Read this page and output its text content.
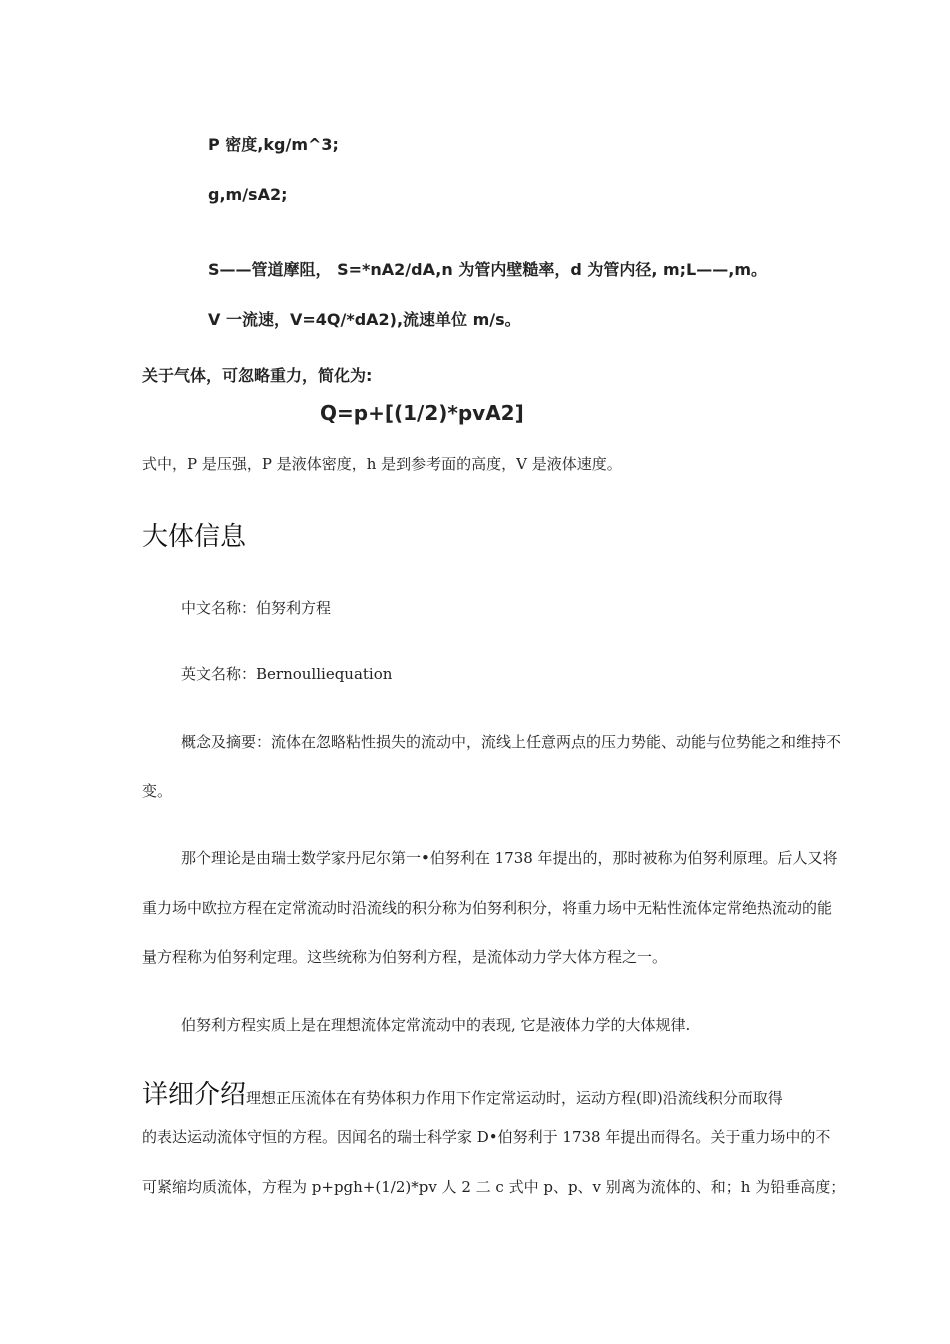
P 密度,kg/m^3;
g,m/sA2;
S——管道摩阻， S=*nA2/dA,n 为管内壁糙率，d 为管内径, m;L——,m。
V 一流速，V=4Q/*dA2),流速单位 m/s。
关于气体，可忽略重力，简化为:
Q=p+[(1/2)*pvA2]
式中，P 是压强，P 是液体密度，h 是到参考面的高度，V 是液体速度。
大体信息
中文名称：伯努利方程
英文名称：Bernoulliequation
概念及摘要：流体在忽略粘性损失的流动中，流线上任意两点的压力势能、动能与位势能之和维持不
变。
那个理论是由瑞士数学家丹尼尔第一•伯努利在 1738 年提出的，那时被称为伯努利原理。后人又将
重力场中欧拉方程在定常流动时沿流线的积分称为伯努利积分，将重力场中无粘性流体定常绝热流动的能
量方程称为伯努利定理。这些统称为伯努利方程，是流体动力学大体方程之一。
伯努利方程实质上是在理想流体定常流动中的表现, 它是液体力学的大体规律.
详细介绍理想正压流体在有势体积力作用下作定常运动时，运动方程(即)沿流线积分而取得
的表达运动流体守恒的方程。因闻名的瑞士科学家 D•伯努利于 1738 年提出而得名。关于重力场中的不
可紧缩均质流体，方程为 p+pgh+(1/2)*pv 人 2 二 c 式中 p、p、v 别离为流体的、和；h 为铅垂高度；
